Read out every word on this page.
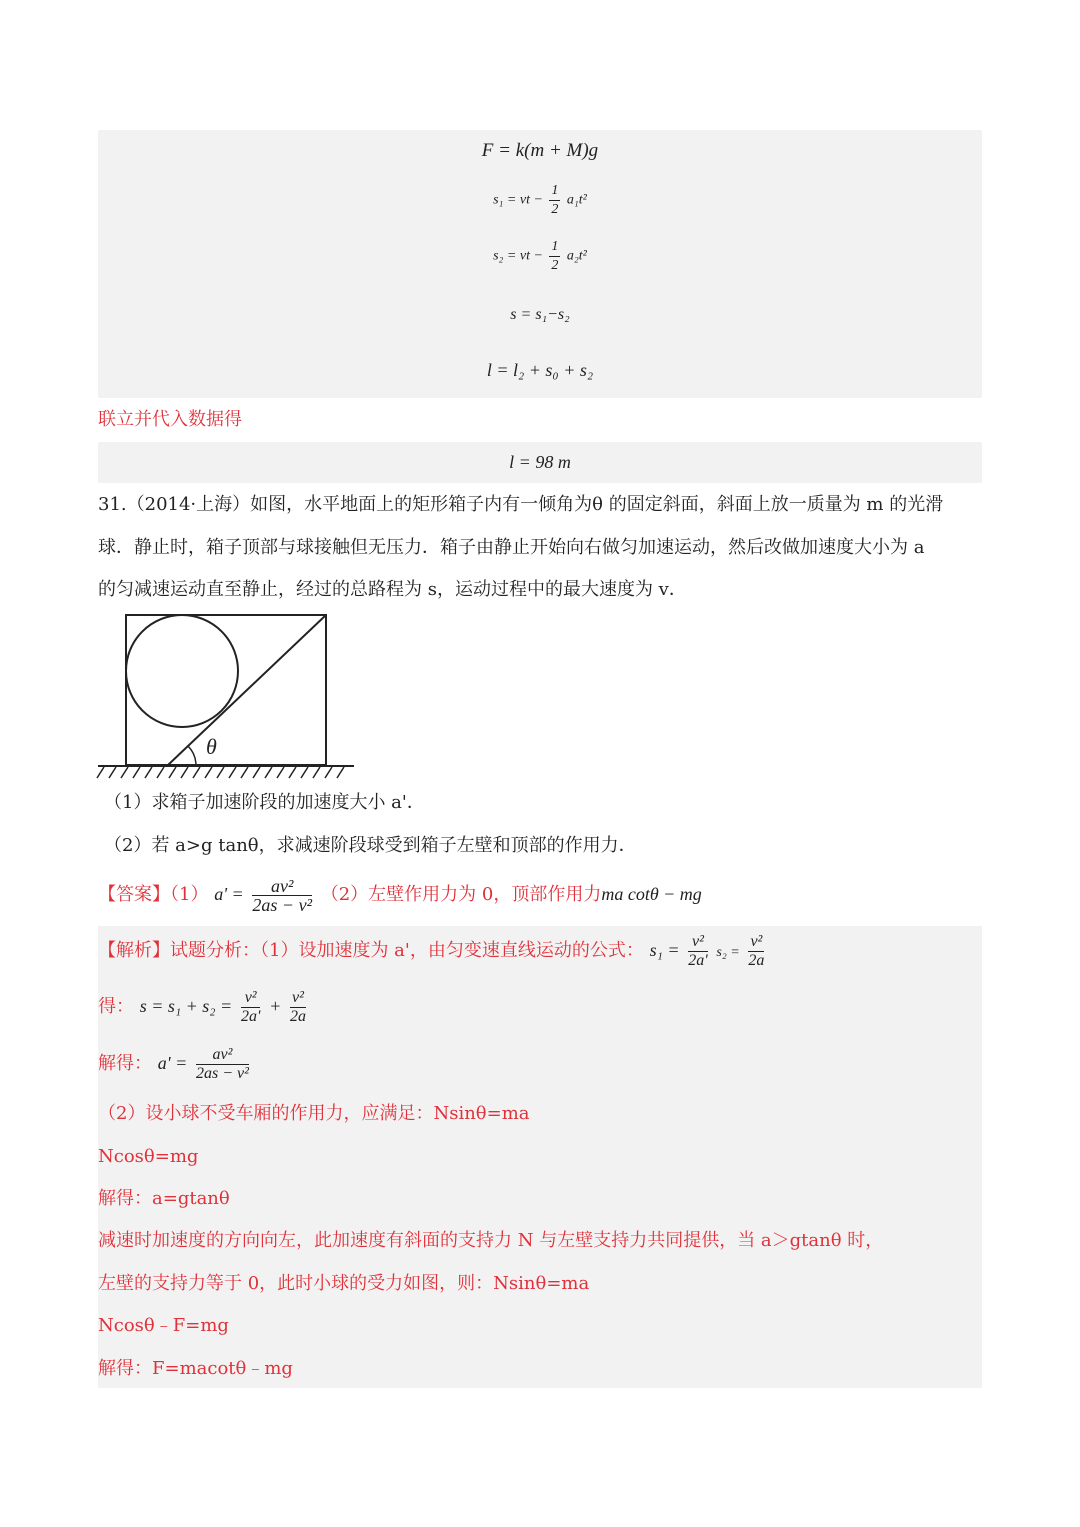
F = k(m + M)g
s₁ = vt − $\frac{1}{2} a_1t^2$
s₂ = vt − $\frac{1}{2} a_2t^2$
s = s₁−s₂
l = l₂ + s₀ + s₂
联立并代入数据得
l = 98 m
31.（2014·上海）如图，水平地面上的矩形箱子内有一倾角为θ 的固定斜面，斜面上放一质量为 m 的光滑
球．静止时，箱子顶部与球接触但无压力．箱子由静止开始向右做匀加速运动，然后改做加速度大小为 a
的匀减速运动直至静止，经过的总路程为 s，运动过程中的最大速度为 v．
θ
（1）求箱子加速阶段的加速度大小 a'．
（2）若 a>g tanθ，求减速阶段球受到箱子左壁和顶部的作用力．
【答案】（1） $a' = \frac{\text{av²}}{\text{2as − v²}} (2)$左壁作用力为 0，顶部作用力ma cotθ − mg
【解析】试题分析：（1）设加速度为 a'，由匀变速直线运动的公式： $s_1 = \frac{\text{v²}}{2a'} s_2 = \frac{\text{v²}}{2a}$
得： $s = s_1 + s_2 = \frac{\text{v²}}{2a'} + \frac{\text{v²}}{2a}$
解得： $a' = \frac{\text{av²}}{\text{2as − v²}}$
（2）设小球不受车厢的作用力，应满足：Nsinθ=ma
Ncosθ=mg
解得：a=gtanθ
减速时加速度的方向向左，此加速度有斜面的支持力 N 与左壁支持力共同提供，当 a＞gtanθ 时，
左壁的支持力等于 0，此时小球的受力如图，则：Nsinθ=ma
Ncosθ﹣F=mg
解得：F=macotθ﹣mg
